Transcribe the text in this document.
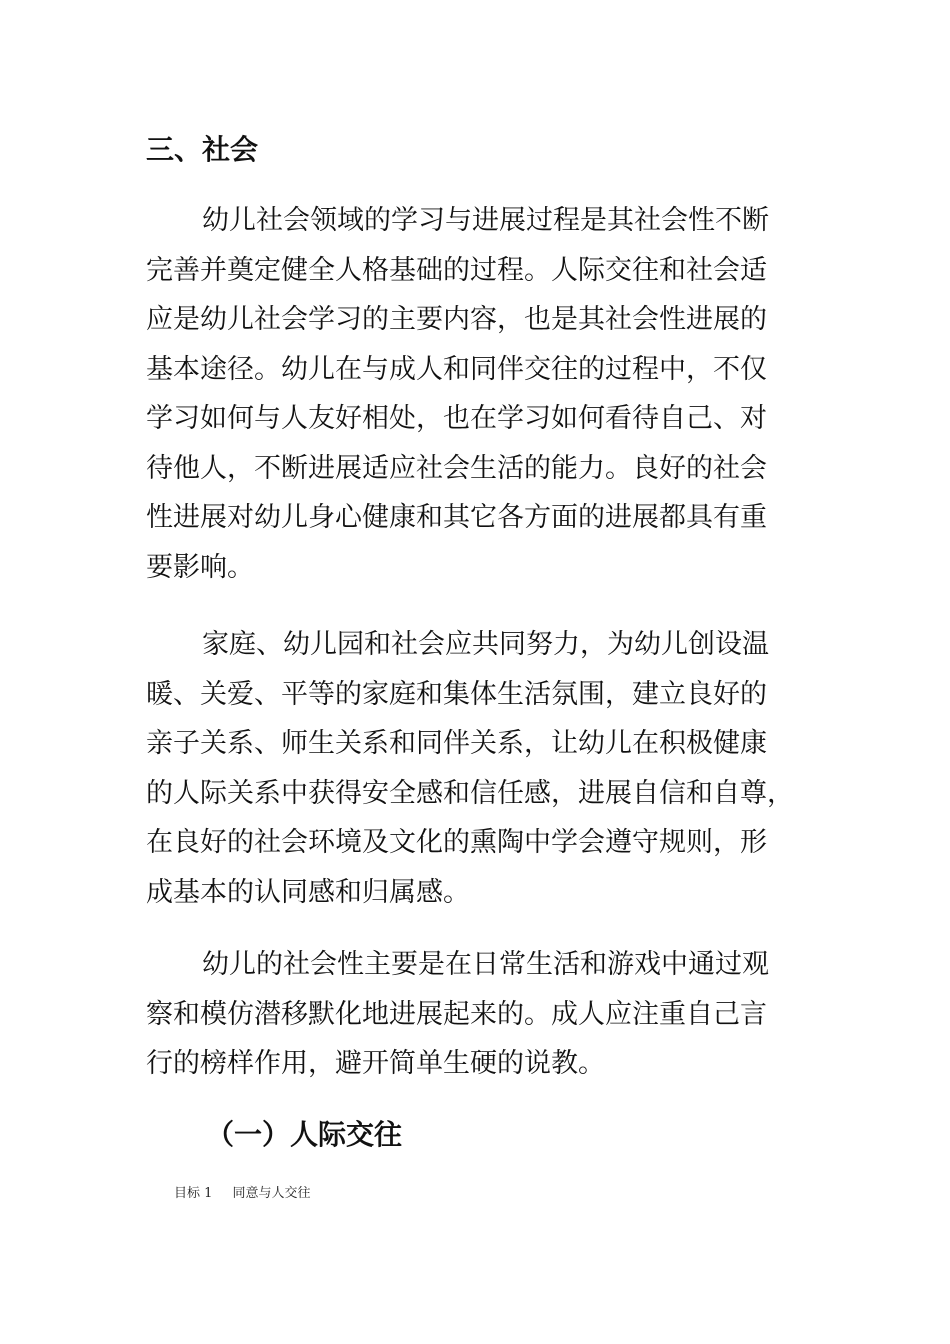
三、社会

幼儿社会领域的学习与进展过程是其社会性不断
完善并奠定健全人格基础的过程。人际交往和社会适
应是幼儿社会学习的主要内容，也是其社会性进展的
基本途径。幼儿在与成人和同伴交往的过程中，不仅
学习如何与人友好相处，也在学习如何看待自己、对
待他人，不断进展适应社会生活的能力。良好的社会
性进展对幼儿身心健康和其它各方面的进展都具有重
要影响。

家庭、幼儿园和社会应共同努力，为幼儿创设温
暖、关爱、平等的家庭和集体生活氛围，建立良好的
亲子关系、师生关系和同伴关系，让幼儿在积极健康
的人际关系中获得安全感和信任感，进展自信和自尊，
在良好的社会环境及文化的熏陶中学会遵守规则，形
成基本的认同感和归属感。

幼儿的社会性主要是在日常生活和游戏中通过观
察和模仿潜移默化地进展起来的。成人应注重自己言
行的榜样作用，避开简单生硬的说教。

（一）人际交往
目标 1 同意与人交往
